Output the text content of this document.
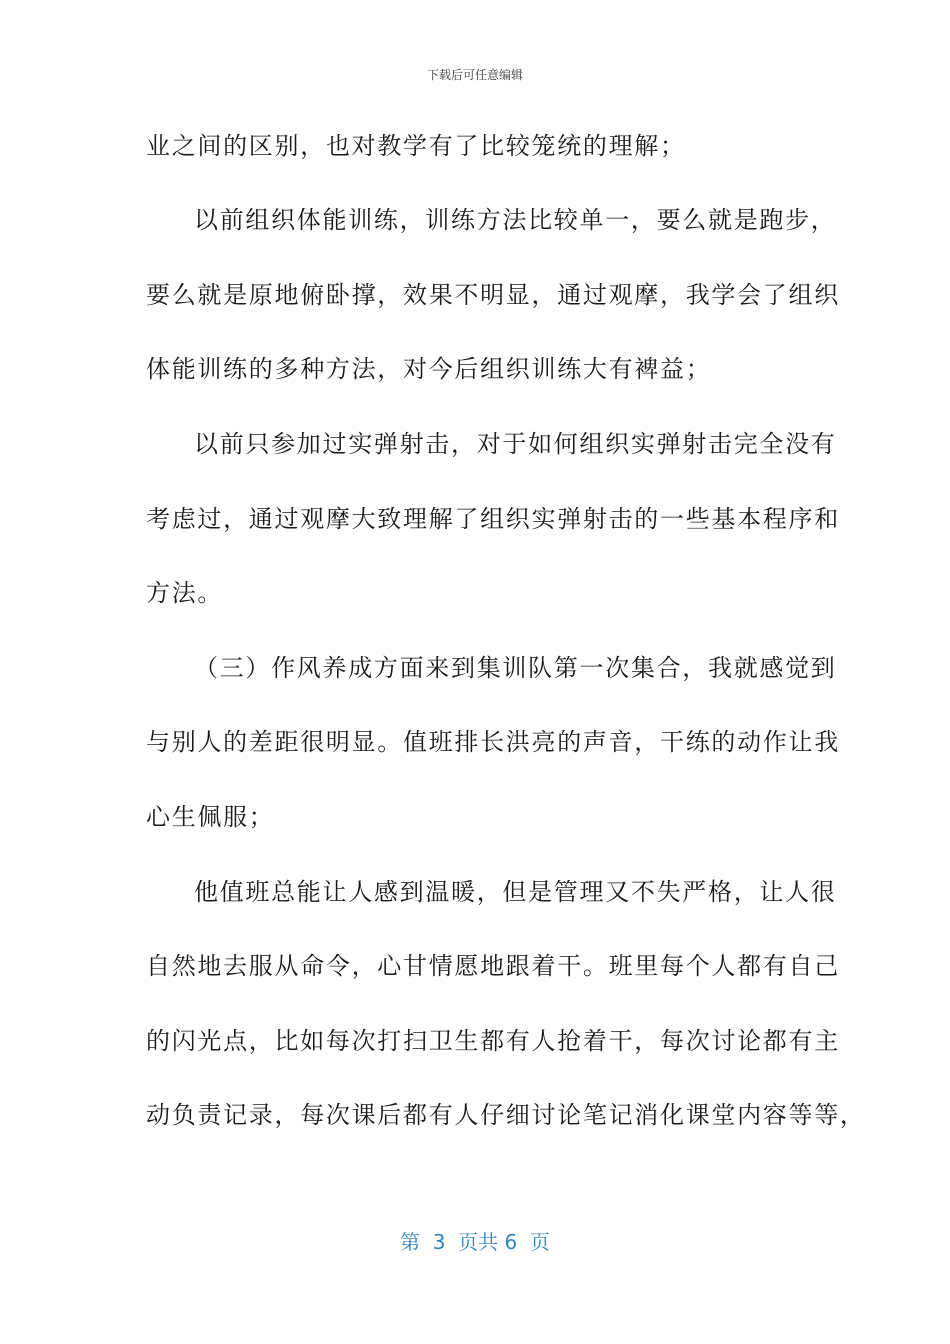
下载后可任意编辑
业之间的区别，也对教学有了比较笼统的理解；
以前组织体能训练，训练方法比较单一，要么就是跑步，
要么就是原地俯卧撑，效果不明显，通过观摩，我学会了组织
体能训练的多种方法，对今后组织训练大有裨益；
以前只参加过实弹射击，对于如何组织实弹射击完全没有
考虑过，通过观摩大致理解了组织实弹射击的一些基本程序和
方法。
（三）作风养成方面来到集训队第一次集合，我就感觉到
与别人的差距很明显。值班排长洪亮的声音，干练的动作让我
心生佩服；
他值班总能让人感到温暖，但是管理又不失严格，让人很
自然地去服从命令，心甘情愿地跟着干。班里每个人都有自己
的闪光点，比如每次打扫卫生都有人抢着干，每次讨论都有主
动负责记录，每次课后都有人仔细讨论笔记消化课堂内容等等，
第  3  页共 6  页
